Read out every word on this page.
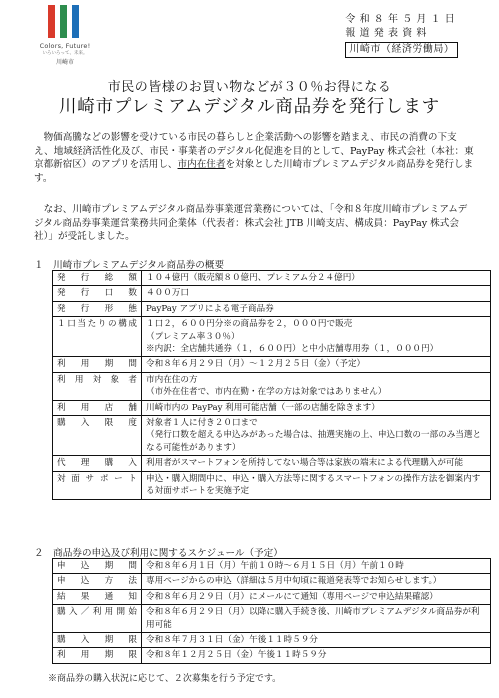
Colors, Future!
いろいろって、未来。
川崎市
令和８年５月１日
報道発表資料
川崎市（経済労働局）
市民の皆様のお買い物などが３０％お得になる
川崎市プレミアムデジタル商品券を発行します
物価高騰などの影響を受けている市民の暮らしと企業活動への影響を踏まえ、市民の消費の下支え、地域経済活性化及び、市民・事業者のデジタル化促進を目的として、PayPay 株式会社（本社：東京都新宿区）のアプリを活用し、市内在住者を対象とした川崎市プレミアムデジタル商品券を発行します。
なお、川崎市プレミアムデジタル商品券事業運営業務については、「令和８年度川崎市プレミアムデジタル商品券事業運営業務共同企業体（代表者：株式会社 JTB 川崎支店、構成員：PayPay 株式会社）」が受託しました。
１　川崎市プレミアムデジタル商品券の概要
発行総額	１０４億円（販売額８０億円、プレミアム分２４億円）

発行口数	４００万口

発行形態	PayPay アプリによる電子商品券

１口当たりの構成	１口２，６００円分※の商品券を２，０００円で販売
（プレミアム率３０％）
※内訳：全店舗共通券（１，６００円）と中小店舗専用券（１，０００円）

利用期間	令和８年６月２９日（月）～１２月２５日（金）（予定）

利用対象者	市内在住の方
（市外在住者で、市内在勤・在学の方は対象ではありません）

利用店舗	川崎市内の PayPay 利用可能店舗（一部の店舗を除きます）

購入限度	対象者１人に付き２０口まで
（発行口数を超える申込みがあった場合は、抽選実施の上、申込口数の一部のみ当選となる可能性があります）

代理購入	利用者がスマートフォンを所持してない場合等は家族の端末による代理購入が可能

対面サポート	申込・購入期間中に、申込・購入方法等に関するスマートフォンの操作方法を御案内する対面サポートを実施予定
２　商品券の申込及び利用に関するスケジュール（予定）
申込期間	令和８年６月１日（月）午前１０時～６月１５日（月）午前１０時

申込方法	専用ページからの申込（詳細は５月中旬頃に報道発表等でお知らせします。）

結果通知	令和８年６月２９日（月）にメールにて通知（専用ページで申込結果確認）

購入／利用開始	令和８年６月２９日（月）以降に購入手続き後、川崎市プレミアムデジタル商品券が利用可能

購入期限	令和８年７月３１日（金）午後１１時５９分

利用期限	令和８年１２月２５日（金）午後１１時５９分
※商品券の購入状況に応じて、２次募集を行う予定です。
